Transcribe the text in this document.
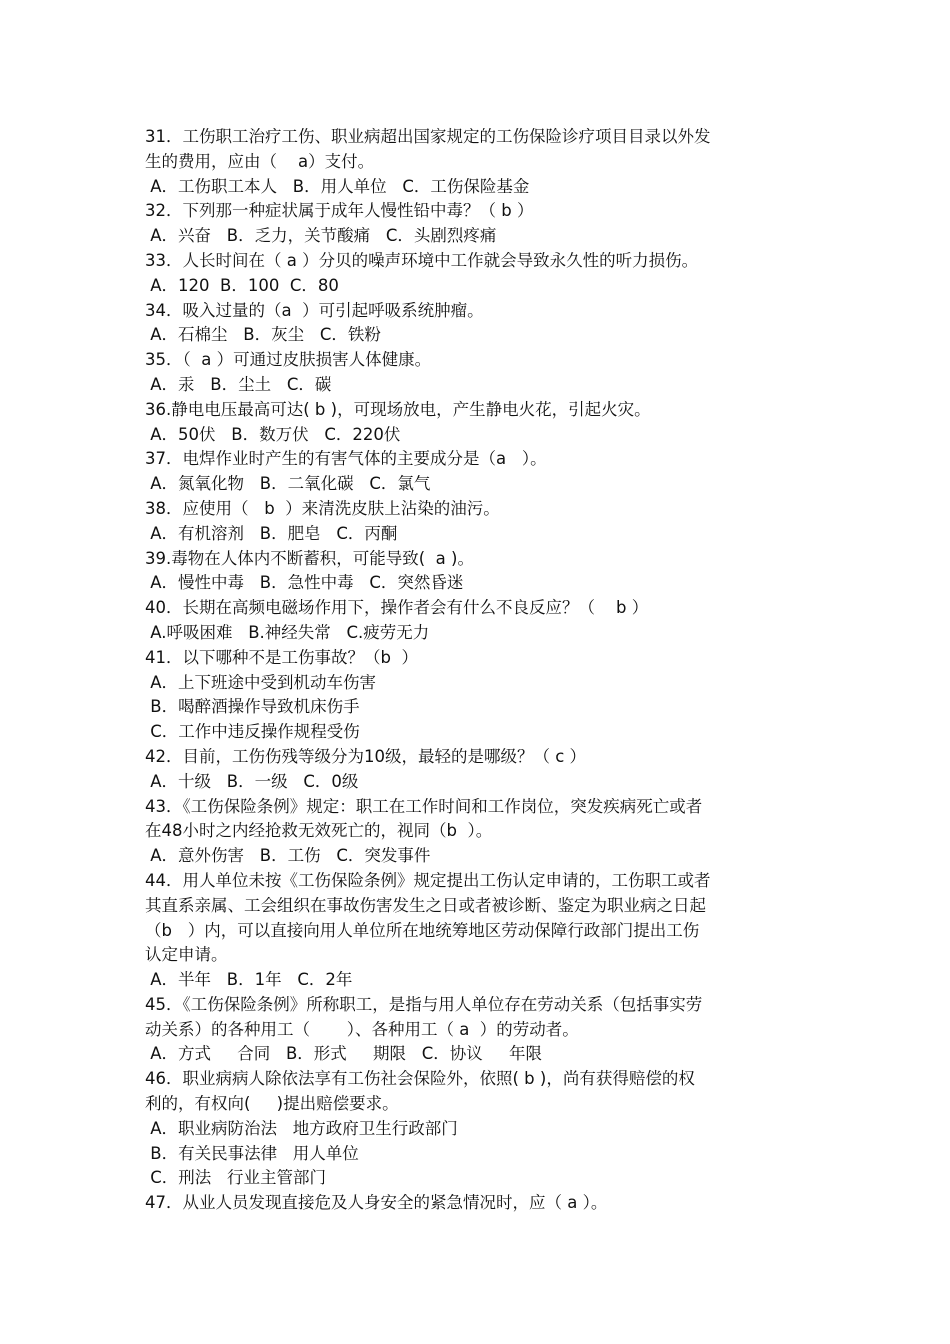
31．工伤职工治疗工伤、职业病超出国家规定的工伤保险诊疗项目目录以外发
生的费用，应由（    a）支付。
A．工伤职工本人   B．用人单位   C．工伤保险基金
32．下列那一种症状属于成年人慢性铅中毒？（ b ）
A．兴奋   B．乏力，关节酸痛   C．头剧烈疼痛
33．人长时间在（ a ）分贝的噪声环境中工作就会导致永久性的听力损伤。
A．120  B．100  C．80
34．吸入过量的（a  ）可引起呼吸系统肿瘤。
A．石棉尘   B．灰尘   C．铁粉
35．（  a ）可通过皮肤损害人体健康。
A．汞   B．尘土   C．碳
36.静电电压最高可达( b )，可现场放电，产生静电火花，引起火灾。
A．50伏   B．数万伏   C．220伏
37．电焊作业时产生的有害气体的主要成分是（a   ）。
A．氮氧化物   B．二氧化碳   C．氯气
38．应使用（   b  ）来清洗皮肤上沾染的油污。
A．有机溶剂   B．肥皂   C．丙酮
39.毒物在人体内不断蓄积，可能导致(  a )。
A．慢性中毒   B．急性中毒   C．突然昏迷
40．长期在高频电磁场作用下，操作者会有什么不良反应？（    b ）
A.呼吸困难   B.神经失常   C.疲劳无力
41．以下哪种不是工伤事故？（b  ）
A．上下班途中受到机动车伤害
B．喝醉酒操作导致机床伤手
C．工作中违反操作规程受伤
42．目前，工伤伤残等级分为10级，最轻的是哪级？（ c ）
A．十级   B．一级   C．0级
43．《工伤保险条例》规定：职工在工作时间和工作岗位，突发疾病死亡或者
在48小时之内经抢救无效死亡的，视同（b  ）。
A．意外伤害   B．工伤   C．突发事件
44．用人单位未按《工伤保险条例》规定提出工伤认定申请的，工伤职工或者
其直系亲属、工会组织在事故伤害发生之日或者被诊断、鉴定为职业病之日起
（b   ）内，可以直接向用人单位所在地统筹地区劳动保障行政部门提出工伤
认定申请。
A．半年   B．1年   C．2年
45．《工伤保险条例》所称职工，是指与用人单位存在劳动关系（包括事实劳
动关系）的各种用工（       ）、各种用工（ a  ）的劳动者。
A．方式     合同   B．形式     期限   C．协议     年限
46．职业病病人除依法享有工伤社会保险外，依照( b )，尚有获得赔偿的权
利的，有权向(     )提出赔偿要求。
A．职业病防治法   地方政府卫生行政部门
B．有关民事法律   用人单位
C．刑法   行业主管部门
47．从业人员发现直接危及人身安全的紧急情况时，应（ a ）。
